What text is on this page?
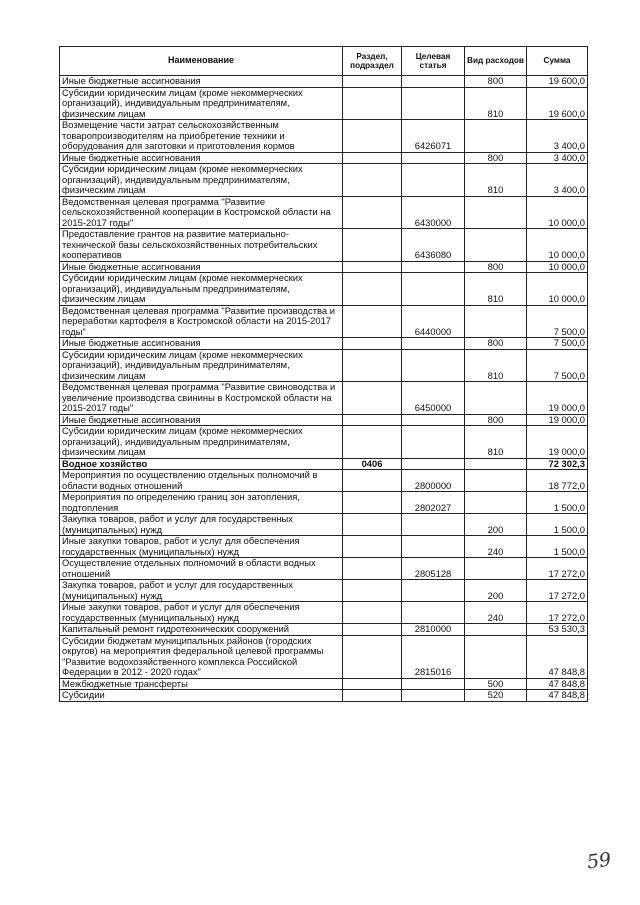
Наименование	Раздел, подраздел	Целевая статья	Вид расходов	Сумма
Иные бюджетные ассигнования			800	19 600,0
Субсидии юридическим лицам (кроме некоммерческих организаций), индивидуальным предпринимателям, физическим лицам			810	19 600,0
Возмещение части затрат сельскохозяйственным товаропроизводителям на приобретение техники и оборудования для заготовки и приготовления кормов		6426071		3 400,0
Иные бюджетные ассигнования			800	3 400,0
Субсидии юридическим лицам (кроме некоммерческих организаций), индивидуальным предпринимателям, физическим лицам			810	3 400,0
Ведомственная целевая программа "Развитие сельскохозяйственной кооперации в Костромской области на 2015-2017 годы"		6430000		10 000,0
Предоставление грантов на развитие материально-технической базы сельскохозяйственных потребительских кооперативов		6436080		10 000,0
Иные бюджетные ассигнования			800	10 000,0
Субсидии юридическим лицам (кроме некоммерческих организаций), индивидуальным предпринимателям, физическим лицам			810	10 000,0
Ведомственная целевая программа "Развитие производства и переработки картофеля в Костромской области на 2015-2017 годы"		6440000		7 500,0
Иные бюджетные ассигнования			800	7 500,0
Субсидии юридическим лицам (кроме некоммерческих организаций), индивидуальным предпринимателям, физическим лицам			810	7 500,0
Ведомственная целевая программа "Развитие свиноводства и увеличение производства свинины в Костромской области на 2015-2017 годы"		6450000		19 000,0
Иные бюджетные ассигнования			800	19 000,0
Субсидии юридическим лицам (кроме некоммерческих организаций), индивидуальным предпринимателям, физическим лицам			810	19 000,0
Водное хозяйство	0406			72 302,3
Мероприятия по осуществлению отдельных полномочий в области водных отношений		2800000		18 772,0
Мероприятия по определению границ зон затопления, подтопления		2802027		1 500,0
Закупка товаров, работ и услуг для государственных (муниципальных) нужд			200	1 500,0
Иные закупки товаров, работ и услуг для обеспечения государственных (муниципальных) нужд			240	1 500,0
Осуществление отдельных полномочий в области водных отношений		2805128		17 272,0
Закупка товаров, работ и услуг для государственных (муниципальных) нужд			200	17 272,0
Иные закупки товаров, работ и услуг для обеспечения государственных (муниципальных) нужд			240	17 272,0
Капитальный ремонт гидротехнических сооружений		2810000		53 530,3
Субсидии бюджетам муниципальных районов (городских округов) на мероприятия федеральной целевой программы "Развитие водохозяйственного комплекса Российской Федерации в 2012 - 2020 годах"		2815016		47 848,8
Межбюджетные трансферты			500	47 848,8
Субсидии			520	47 848,8
59
